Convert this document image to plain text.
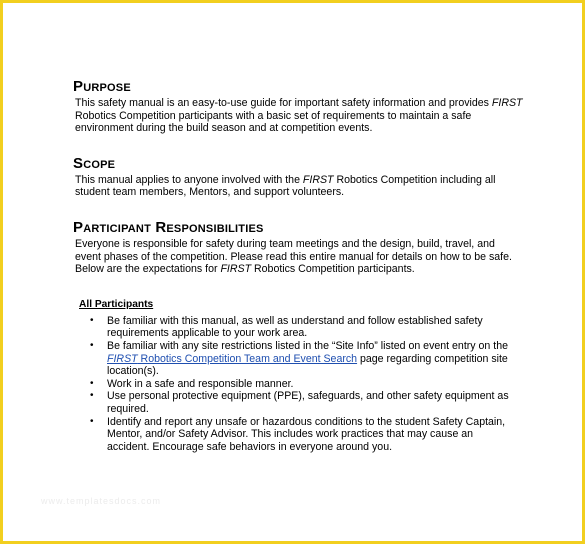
Purpose

This safety manual is an easy-to-use guide for important safety information and provides FIRST Robotics Competition participants with a basic set of requirements to maintain a safe environment during the build season and at competition events.

Scope

This manual applies to anyone involved with the FIRST Robotics Competition including all student team members, Mentors, and support volunteers.

Participant Responsibilities

Everyone is responsible for safety during team meetings and the design, build, travel, and event phases of the competition. Please read this entire manual for details on how to be safe. Below are the expectations for FIRST Robotics Competition participants.

All Participants
• Be familiar with this manual, as well as understand and follow established safety requirements applicable to your work area.
• Be familiar with any site restrictions listed in the “Site Info” listed on event entry on the FIRST Robotics Competition Team and Event Search page regarding competition site location(s).
• Work in a safe and responsible manner.
• Use personal protective equipment (PPE), safeguards, and other safety equipment as required.
• Identify and report any unsafe or hazardous conditions to the student Safety Captain, Mentor, and/or Safety Advisor. This includes work practices that may cause an accident. Encourage safe behaviors in everyone around you.
www.templatesdocs.com
